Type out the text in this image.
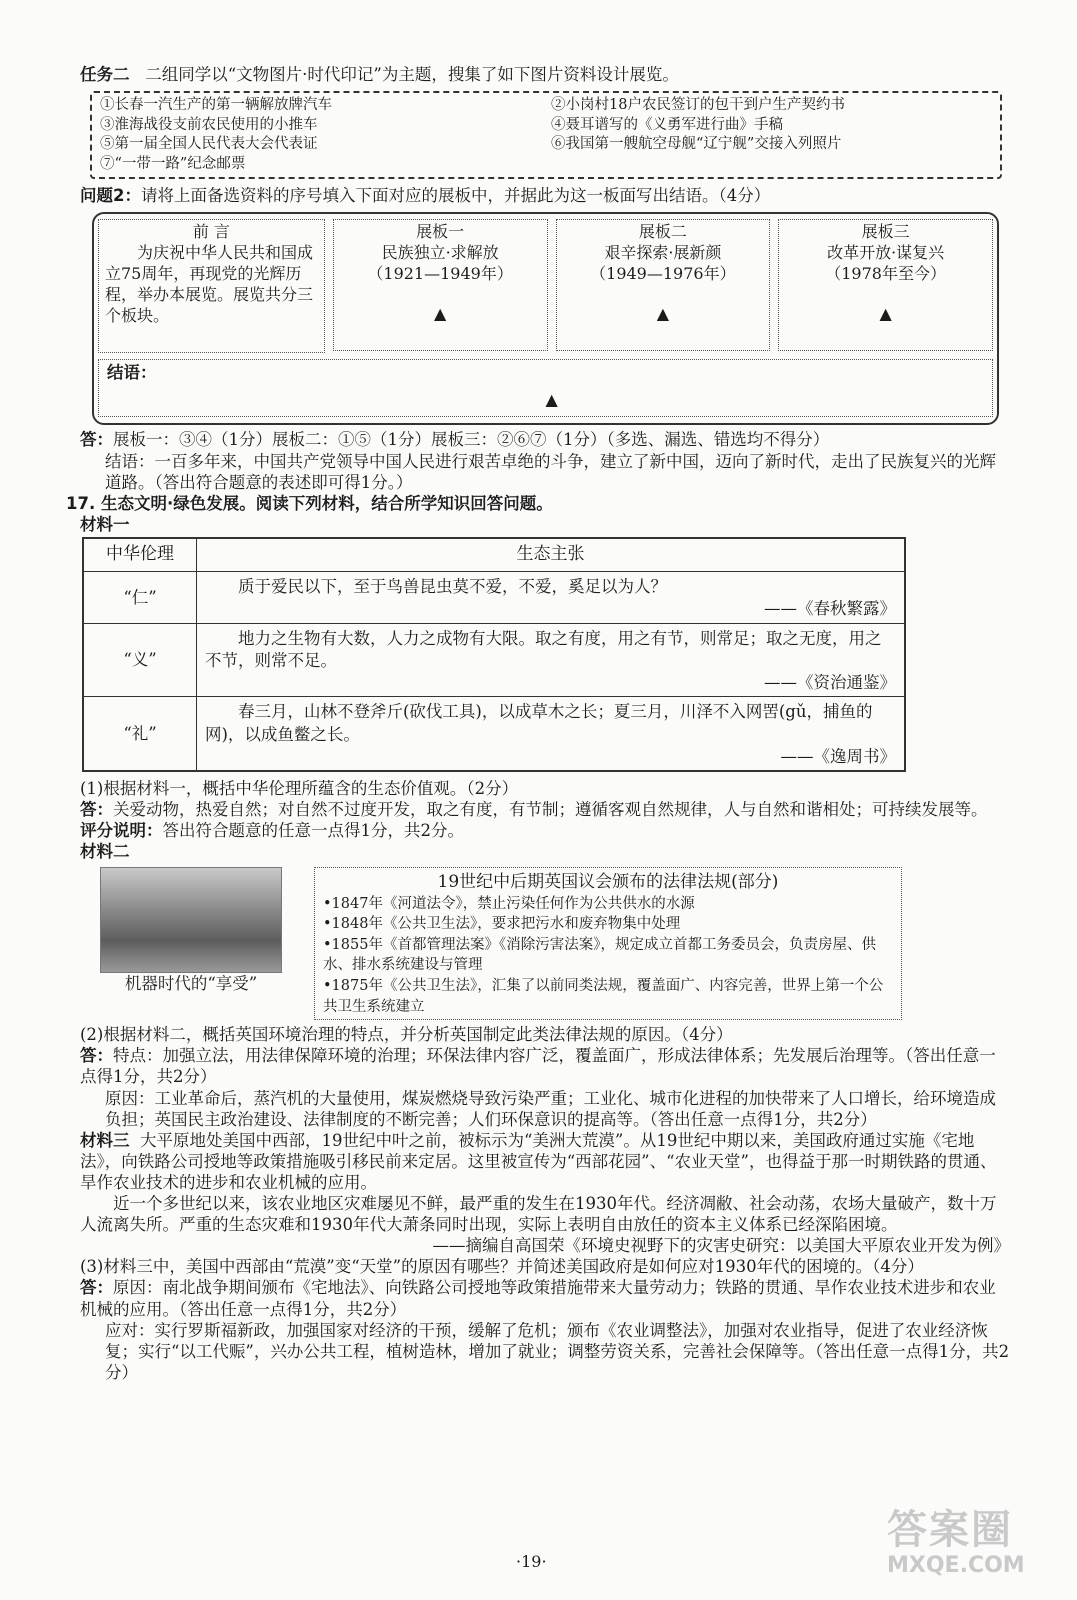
任务二 二组同学以“文物图片·时代印记”为主题，搜集了如下图片资料设计展览。

①长春一汽生产的第一辆解放牌汽车	②小岗村18户农民签订的包干到户生产契约书
③淮海战役支前农民使用的小推车	④聂耳谱写的《义勇军进行曲》手稿
⑤第一届全国人民代表大会代表证	⑥我国第一艘航空母舰“辽宁舰”交接入列照片
⑦“一带一路”纪念邮票

问题2：请将上面备选资料的序号填入下面对应的展板中，并据此为这一板面写出结语。（4分）

前 言
为庆祝中华人民共和国成立75周年，再现党的光辉历程，举办本展览。展览共分三个板块。
展板一
民族独立·求解放
（1921—1949年）
▲
展板二
艰辛探索·展新颜
（1949—1976年）
▲
展板三
改革开放·谋复兴
（1978年至今）
▲
结语：
▲

答：展板一：③④（1分）展板二：①⑤（1分）展板三：②⑥⑦（1分）（多选、漏选、错选均不得分）

结语：一百多年来，中国共产党领导中国人民进行艰苦卓绝的斗争，建立了新中国，迈向了新时代，走出了民族复兴的光辉道路。（答出符合题意的表述即可得1分。）

17. 生态文明·绿色发展。阅读下列材料，结合所学知识回答问题。

材料一

中华伦理	生态主张
“仁”	质于爱民以下，至于鸟兽昆虫莫不爱，不爱，奚足以为人？
——《春秋繁露》

“义”	地力之生物有大数，人力之成物有大限。取之有度，用之有节，则常足；取之无度，用之不节，则常不足。
——《资治通鉴》

“礼”	春三月，山林不登斧斤(砍伐工具)，以成草木之长；夏三月，川泽不入网罟(gǔ，捕鱼的网)，以成鱼鳖之长。
——《逸周书》

(1)根据材料一，概括中华伦理所蕴含的生态价值观。（2分）

答：关爱动物，热爱自然；对自然不过度开发，取之有度，有节制；遵循客观自然规律，人与自然和谐相处；可持续发展等。

评分说明：答出符合题意的任意一点得1分，共2分。

材料二

机器时代的“享受”
19世纪中后期英国议会颁布的法律法规(部分)
•1847年《河道法令》，禁止污染任何作为公共供水的水源
•1848年《公共卫生法》，要求把污水和废弃物集中处理
•1855年《首都管理法案》《消除污害法案》，规定成立首都工务委员会，负责房屋、供水、排水系统建设与管理
•1875年《公共卫生法》，汇集了以前同类法规，覆盖面广、内容完善，世界上第一个公共卫生系统建立

(2)根据材料二，概括英国环境治理的特点，并分析英国制定此类法律法规的原因。（4分）

答：特点：加强立法，用法律保障环境的治理；环保法律内容广泛，覆盖面广，形成法律体系；先发展后治理等。（答出任意一点得1分，共2分）

原因：工业革命后，蒸汽机的大量使用，煤炭燃烧导致污染严重；工业化、城市化进程的加快带来了人口增长，给环境造成负担；英国民主政治建设、法律制度的不断完善；人们环保意识的提高等。（答出任意一点得1分，共2分）

材料三 大平原地处美国中西部，19世纪中叶之前，被标示为“美洲大荒漠”。从19世纪中期以来，美国政府通过实施《宅地法》，向铁路公司授地等政策措施吸引移民前来定居。这里被宣传为“西部花园”、“农业天堂”，也得益于那一时期铁路的贯通、旱作农业技术的进步和农业机械的应用。

近一个多世纪以来，该农业地区灾难屡见不鲜，最严重的发生在1930年代。经济凋敝、社会动荡，农场大量破产，数十万人流离失所。严重的生态灾难和1930年代大萧条同时出现，实际上表明自由放任的资本主义体系已经深陷困境。

——摘编自高国荣《环境史视野下的灾害史研究：以美国大平原农业开发为例》

(3)材料三中，美国中西部由“荒漠”变“天堂”的原因有哪些？并简述美国政府是如何应对1930年代的困境的。（4分）

答：原因：南北战争期间颁布《宅地法》、向铁路公司授地等政策措施带来大量劳动力；铁路的贯通、旱作农业技术进步和农业机械的应用。（答出任意一点得1分，共2分）

应对：实行罗斯福新政，加强国家对经济的干预，缓解了危机；颁布《农业调整法》，加强对农业指导，促进了农业经济恢复；实行“以工代赈”，兴办公共工程，植树造林，增加了就业；调整劳资关系，完善社会保障等。（答出任意一点得1分，共2分）

·19·
答案圈
MXQE.COM
